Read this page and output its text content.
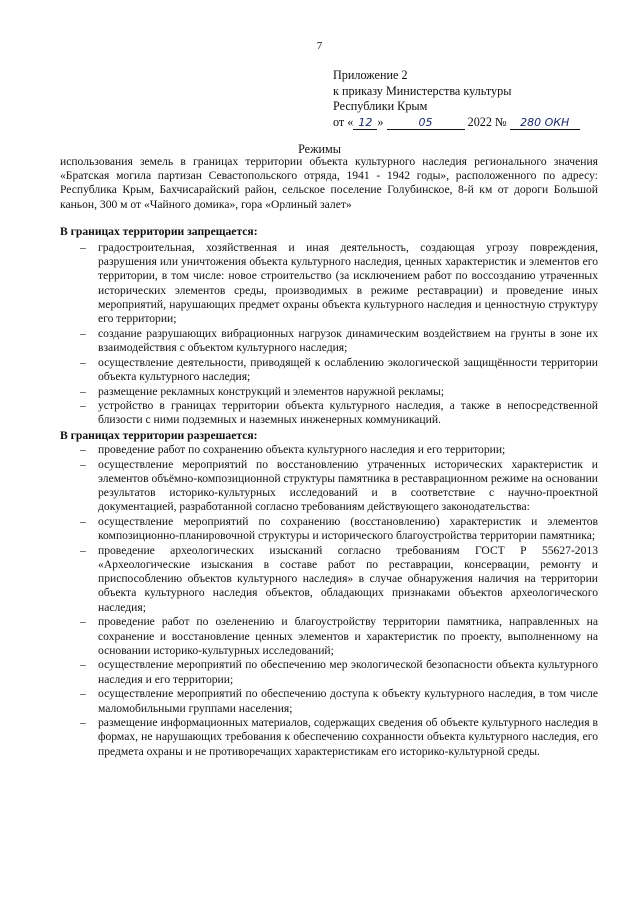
7
Приложение 2
к приказу Министерства культуры
Республики Крым
от « 12 »	05	2022 № 280 ОКН
Режимы

использования земель в границах территории объекта культурного наследия регионального значения «Братская могила партизан Севастопольского отряда, 1941 - 1942 годы», расположенного по адресу: Республика Крым, Бахчисарайский район, сельское поселение Голубинское, 8-й км от дороги Большой каньон, 300 м от «Чайного домика», гора «Орлиный залет»

В границах территории запрещается:

– градостроительная, хозяйственная и иная деятельность, создающая угрозу повреждения, разрушения или уничтожения объекта культурного наследия, ценных характеристик и элементов его территории, в том числе: новое строительство (за исключением работ по воссозданию утраченных исторических элементов среды, производимых в режиме реставрации) и проведение иных мероприятий, нарушающих предмет охраны объекта культурного наследия и ценностную структуру его территории;
– создание разрушающих вибрационных нагрузок динамическим воздействием на грунты в зоне их взаимодействия с объектом культурного наследия;
– осуществление деятельности, приводящей к ослаблению экологической защищённости территории объекта культурного наследия;
– размещение рекламных конструкций и элементов наружной рекламы;
– устройство в границах территории объекта культурного наследия, а также в непосредственной близости с ними подземных и наземных инженерных коммуникаций.

В границах территории разрешается:

– проведение работ по сохранению объекта культурного наследия и его территории;
– осуществление мероприятий по восстановлению утраченных исторических характеристик и элементов объёмно-композиционной структуры памятника в реставрационном режиме на основании результатов историко-культурных исследований и в соответствие с научно-проектной документацией, разработанной согласно требованиям действующего законодательства:
– осуществление мероприятий по сохранению (восстановлению) характеристик и элементов композиционно-планировочной структуры и исторического благоустройства территории памятника;
– проведение археологических изысканий согласно требованиям ГОСТ Р 55627-2013 «Археологические изыскания в составе работ по реставрации, консервации, ремонту и приспособлению объектов культурного наследия» в случае обнаружения наличия на территории объекта культурного наследия объектов, обладающих признаками объектов археологического наследия;
– проведение работ по озеленению и благоустройству территории памятника, направленных на сохранение и восстановление ценных элементов и характеристик по проекту, выполненному на основании историко-культурных исследований;
– осуществление мероприятий по обеспечению мер экологической безопасности объекта культурного наследия и его территории;
– осуществление мероприятий по обеспечению доступа к объекту культурного наследия, в том числе маломобильными группами населения;
– размещение информационных материалов, содержащих сведения об объекте культурного наследия в формах, не нарушающих требования к обеспечению сохранности объекта культурного наследия, его предмета охраны и не противоречащих характеристикам его историко-культурной среды.
